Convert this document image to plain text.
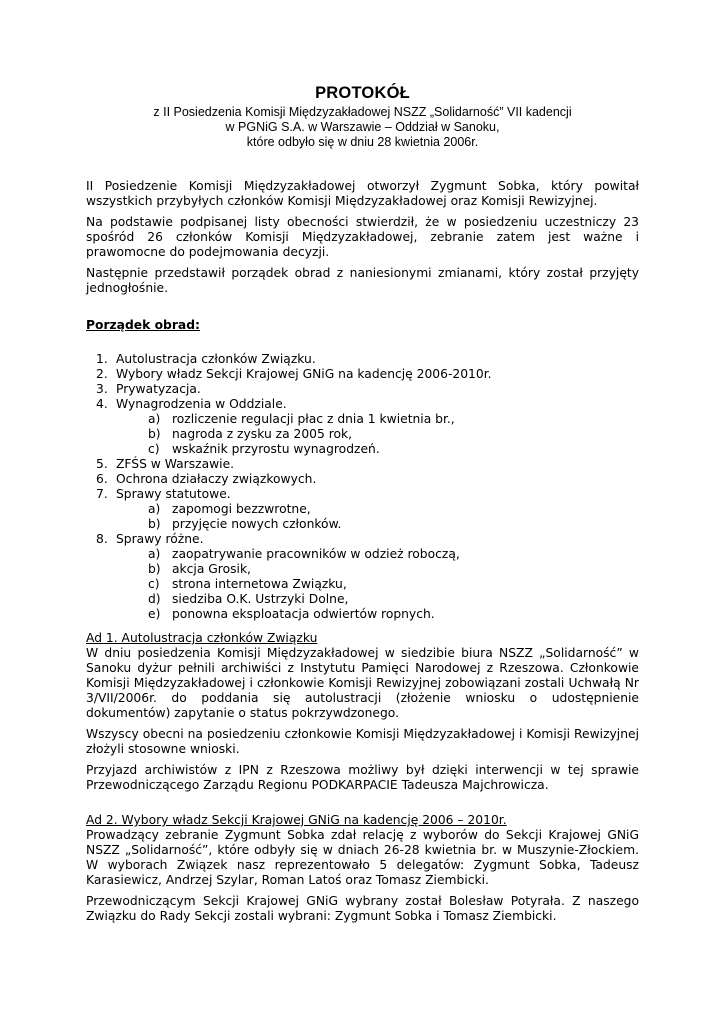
PROTOKÓŁ

z II Posiedzenia Komisji Międzyzakładowej NSZZ „Solidarność” VII kadencji

w PGNiG S.A. w Warszawie – Oddział w Sanoku,

które odbyło się w dniu 28 kwietnia 2006r.

II Posiedzenie Komisji Międzyzakładowej otworzył Zygmunt Sobka, który powitał wszystkich przybyłych członków Komisji Międzyzakładowej oraz Komisji Rewizyjnej.

Na podstawie podpisanej listy obecności stwierdził, że w posiedzeniu uczestniczy 23 spośród 26 członków Komisji Międzyzakładowej, zebranie zatem jest ważne i prawomocne do podejmowania decyzji.

Następnie przedstawił porządek obrad z naniesionymi zmianami, który został przyjęty jednogłośnie.

Porządek obrad:
1. Autolustracja członków Związku.
2. Wybory władz Sekcji Krajowej GNiG na kadencję 2006-2010r.
3. Prywatyzacja.
4. Wynagrodzenia w Oddziale.
a) rozliczenie regulacji płac z dnia 1 kwietnia br.,
b) nagroda z zysku za 2005 rok,
c) wskaźnik przyrostu wynagrodzeń.
5. ZFŚS w Warszawie.
6. Ochrona działaczy związkowych.
7. Sprawy statutowe.
a) zapomogi bezzwrotne,
b) przyjęcie nowych członków.
8. Sprawy różne.
a) zaopatrywanie pracowników w odzież roboczą,
b) akcja Grosik,
c) strona internetowa Związku,
d) siedziba O.K. Ustrzyki Dolne,
e) ponowna eksploatacja odwiertów ropnych.
Ad 1. Autolustracja członków Związku

W dniu posiedzenia Komisji Międzyzakładowej w siedzibie biura NSZZ „Solidarność” w Sanoku dyżur pełnili archiwiści z Instytutu Pamięci Narodowej z Rzeszowa. Członkowie Komisji Międzyzakładowej i członkowie Komisji Rewizyjnej zobowiązani zostali Uchwałą Nr 3/VII/2006r. do poddania się autolustracji (złożenie wniosku o udostępnienie dokumentów) zapytanie o status pokrzywdzonego.

Wszyscy obecni na posiedzeniu członkowie Komisji Międzyzakładowej i Komisji Rewizyjnej złożyli stosowne wnioski.

Przyjazd archiwistów z IPN z Rzeszowa możliwy był dzięki interwencji w tej sprawie Przewodniczącego Zarządu Regionu PODKARPACIE Tadeusza Majchrowicza.

Ad 2. Wybory władz Sekcji Krajowej GNiG na kadencję 2006 – 2010r.

Prowadzący zebranie Zygmunt Sobka zdał relację z wyborów do Sekcji Krajowej GNiG NSZZ „Solidarność”, które odbyły się w dniach 26-28 kwietnia br. w Muszynie-Złockiem. W wyborach Związek nasz reprezentowało 5 delegatów: Zygmunt Sobka, Tadeusz Karasiewicz, Andrzej Szylar, Roman Latoś oraz Tomasz Ziembicki.

Przewodniczącym Sekcji Krajowej GNiG wybrany został Bolesław Potyrała. Z naszego Związku do Rady Sekcji zostali wybrani: Zygmunt Sobka i Tomasz Ziembicki.
